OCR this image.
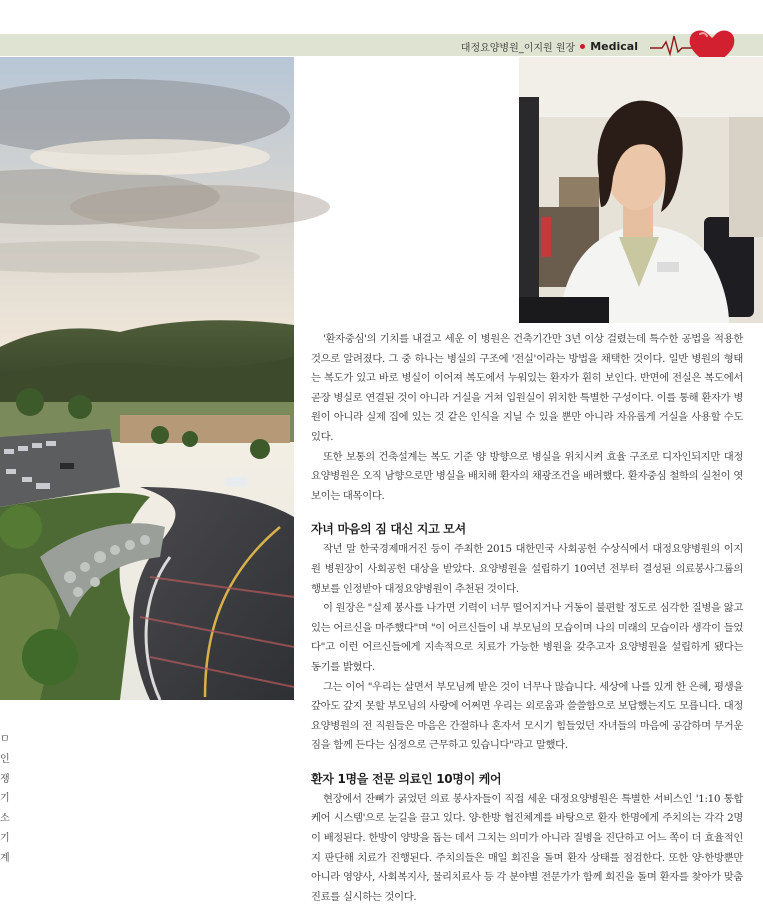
대정요양병원_이지원 원장 Medical

'환자중심'의 기치를 내걸고 세운 이 병원은 건축기간만 3년 이상 걸렸는데 특수한 공법을 적용한 것으로 알려졌다. 그 중 하나는 병실의 구조에 '전실'이라는 방법을 채택한 것이다. 일반 병원의 형태는 복도가 있고 바로 병실이 이어져 복도에서 누워있는 환자가 훤히 보인다. 반면에 전실은 복도에서 곧장 병실로 연결된 것이 아니라 거실을 거쳐 입원실이 위치한 특별한 구성이다. 이를 통해 환자가 병원이 아니라 실제 집에 있는 것 같은 인식을 지닐 수 있을 뿐만 아니라 자유롭게 거실을 사용할 수도 있다.

또한 보통의 건축설계는 복도 기준 양 방향으로 병실을 위치시켜 효율 구조로 디자인되지만 대정요양병원은 오직 남향으로만 병실을 배치해 환자의 채광조건을 배려했다. 환자중심 철학의 실천이 엿보이는 대목이다.

자녀 마음의 짐 대신 지고 모셔

작년 말 한국경제매거진 등이 주최한 2015 대한민국 사회공헌 수상식에서 대정요양병원의 이지원 병원장이 사회공헌 대상을 받았다. 요양병원을 설립하기 10여년 전부터 결성된 의료봉사그룹의 행보를 인정받아 대정요양병원이 추천된 것이다.

이 원장은 "실제 봉사를 나가면 기력이 너무 떨어지거나 거동이 불편할 정도로 심각한 질병을 앓고 있는 어르신을 마주했다"며 "이 어르신들이 내 부모님의 모습이며 나의 미래의 모습이라 생각이 들었다"고 이런 어르신들에게 지속적으로 치료가 가능한 병원을 갖추고자 요양병원을 설립하게 됐다는 동기를 밝혔다.

그는 이어 "우리는 살면서 부모님께 받은 것이 너무나 많습니다. 세상에 나를 있게 한 은혜, 평생을 갚아도 갚지 못할 부모님의 사랑에 어쩌면 우리는 외로움과 쓸쓸함으로 보답했는지도 모릅니다. 대정요양병원의 전 직원들은 마음은 간절하나 혼자서 모시기 힘들었던 자녀들의 마음에 공감하며 무거운 짐을 함께 든다는 심정으로 근무하고 있습니다"라고 말했다.

환자 1명을 전문 의료인 10명이 케어

현장에서 잔뼈가 굵었던 의료 봉사자들이 직접 세운 대정요양병원은 특별한 서비스인 '1:10 통합 케어 시스템'으로 눈길을 끌고 있다. 양·한방 협진체계를 바탕으로 환자 한명에게 주치의는 각각 2명이 배정된다. 한방이 양방을 돕는 데서 그치는 의미가 아니라 질병을 진단하고 어느 쪽이 더 효율적인지 판단해 치료가 진행된다. 주치의들은 매일 회진을 돌며 환자 상태를 점검한다. 또한 양·한방뿐만 아니라 영양사, 사회복지사, 물리치료사 등 각 분야별 전문가가 함께 회진을 돌며 환자를 찾아가 맞춤진료를 실시하는 것이다.

ㅁ
인
쟁
기
소
기
계
